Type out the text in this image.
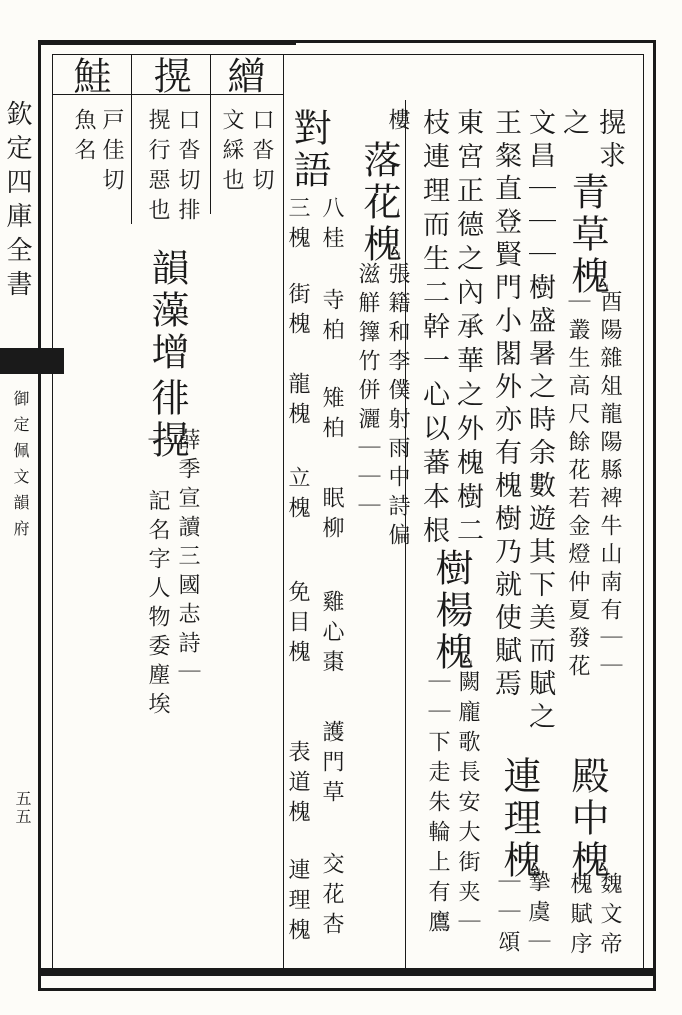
欽定四庫全書
御定佩文韻府
五五
鮭 㨪 繒
戸佳切
魚名	口沓切排
㨪行惡也
韻藻增
徘㨪
｜ 記名字人物委塵埃 薛季宣讀三國志詩｜
口沓切
文綵也 對語
八桂
三槐
街槐
龍槐
立槐
免目槐
表道槐
連理槐
寺柏
雉柏
眠柳
雞心棗
護門草
交花杏
樓
落花槐
張籍和李僕射雨中詩偏
滋觧籜竹併灑｜｜｜ 枝連理而生二幹一心以蕃本根 東宮正德之內承華之外槐樹二
樹楊槐
闕龐歌長安大街夹｜
｜｜下走朱輪上有鷹
王粲直登賢門小閣外亦有槐樹乃就使賦焉 文昌｜｜｜樹盛暑之時余數遊其下美而賦之
連理槐
摯虞｜
｜｜頌
之 㨪求
青草槐
酉陽雜俎龍陽縣裨牛山南有｜｜
｜叢生高尺餘花若金燈仲夏發花
殿中槐
魏文帝
槐賦序
